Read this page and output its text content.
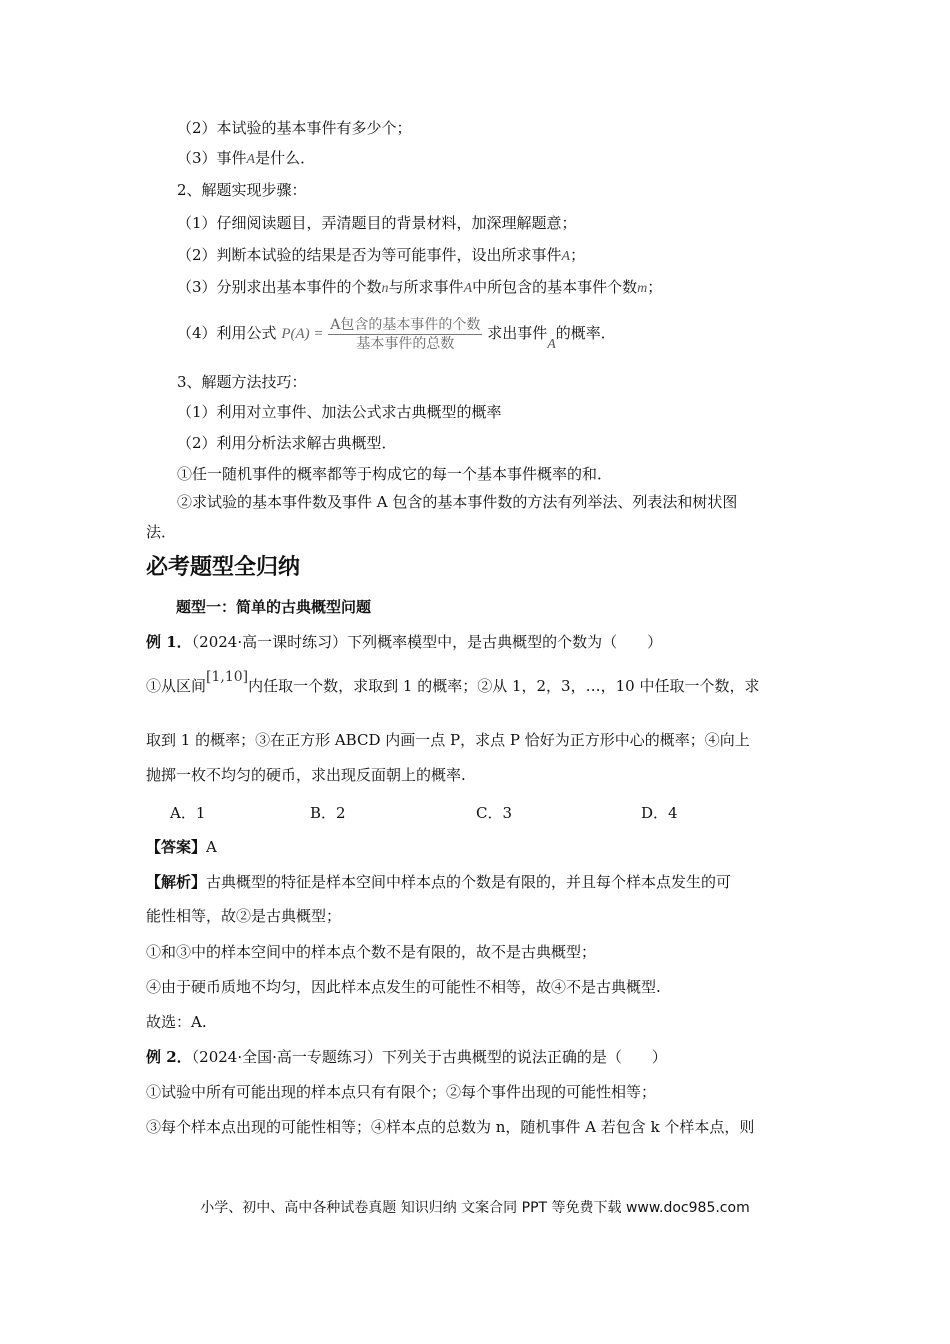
（2）本试验的基本事件有多少个；
（3）事件A是什么．
2、解题实现步骤：
（1）仔细阅读题目，弄清题目的背景材料，加深理解题意；
（2）判断本试验的结果是否为等可能事件，设出所求事件A；
（3）分别求出基本事件的个数n与所求事件A中所包含的基本事件个数m；
（4）利用公式 $P(A) = \frac{\text{A包含的基本事件的个数}}{\text{基本事件的总数}}$ 求出事件A的概率．
3、解题方法技巧：
（1）利用对立事件、加法公式求古典概型的概率
（2）利用分析法求解古典概型．
①任一随机事件的概率都等于构成它的每一个基本事件概率的和．
②求试验的基本事件数及事件 A 包含的基本事件数的方法有列举法、列表法和树状图
法．
必考题型全归纳
题型一：简单的古典概型问题
例 1．（2024·高一课时练习）下列概率模型中，是古典概型的个数为（　　）
①从区间[1,10]内任取一个数，求取到 1 的概率；②从 1，2，3，…，10 中任取一个数，求
取到 1 的概率；③在正方形 ABCD 内画一点 P，求点 P 恰好为正方形中心的概率；④向上
抛掷一枚不均匀的硬币，求出现反面朝上的概率.
A．1	B．2	C．3	D．4
【答案】A
【解析】古典概型的特征是样本空间中样本点的个数是有限的，并且每个样本点发生的可
能性相等，故②是古典概型；
①和③中的样本空间中的样本点个数不是有限的，故不是古典概型；
④由于硬币质地不均匀，因此样本点发生的可能性不相等，故④不是古典概型.
故选：A.
例 2．（2024·全国·高一专题练习）下列关于古典概型的说法正确的是（　　）
①试验中所有可能出现的样本点只有有限个；②每个事件出现的可能性相等；
③每个样本点出现的可能性相等；④样本点的总数为 n，随机事件 A 若包含 k 个样本点，则
小学、初中、高中各种试卷真题 知识归纳 文案合同 PPT 等免费下载 www.doc985.com
